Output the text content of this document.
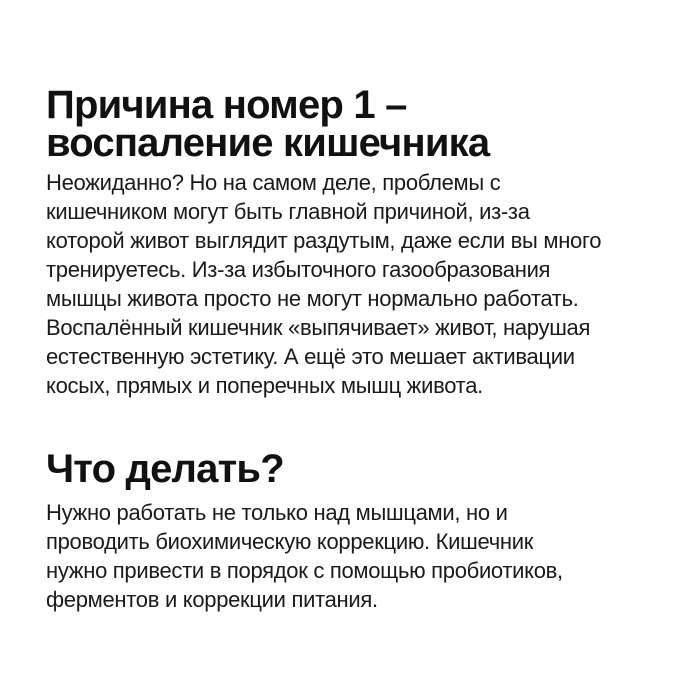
Причина номер 1 –
воспаление кишечника

Неожиданно? Но на самом деле, проблемы с
кишечником могут быть главной причиной, из-за
которой живот выглядит раздутым, даже если вы много
тренируетесь. Из-за избыточного газообразования
мышцы живота просто не могут нормально работать.
Воспалённый кишечник «выпячивает» живот, нарушая
естественную эстетику. А ещё это мешает активации
косых, прямых и поперечных мышц живота.

Что делать?

Нужно работать не только над мышцами, но и
проводить биохимическую коррекцию. Кишечник
нужно привести в порядок с помощью пробиотиков,
ферментов и коррекции питания.
